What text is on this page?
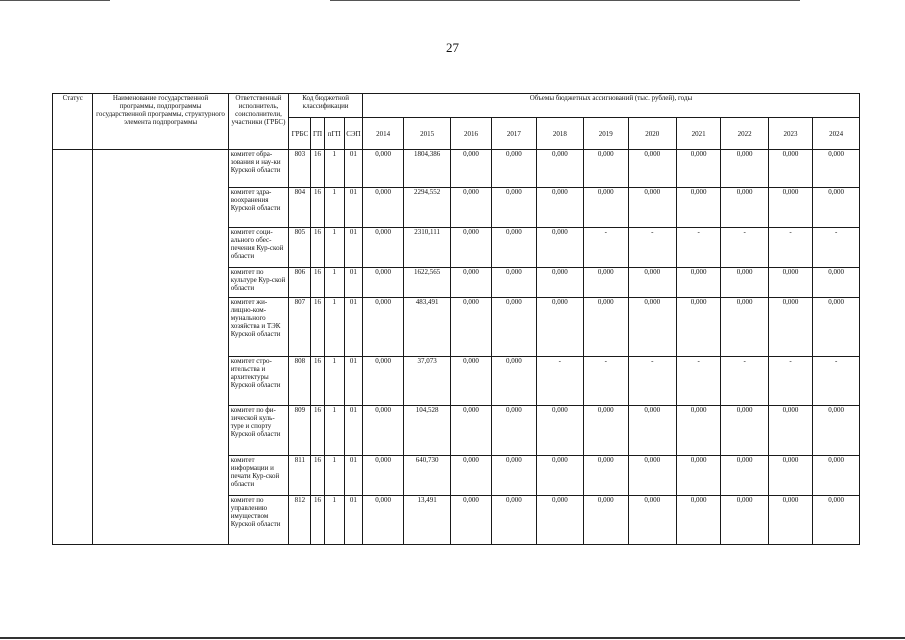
27
Статус	Наименование государственной программы, подпрограммы государственной программы, структурного элемента подпрограммы	Ответственный исполнитель, соисполнители, участники (ГРБС)	Код бюджетной классификации				Объемы бюджетных ассигнований (тыс. рублей), годы										
			ГРБС	ГП	пГП	СЭП	2014	2015	2016	2017	2018	2019	2020	2021	2022	2023	2024
		комитет обра-зования и нау-ки Курской области	803	16	1	01	0,000	1804,386	0,000	0,000	0,000	0,000	0,000	0,000	0,000	0,000	0,000
		комитет здра-воохранения Курской области	804	16	1	01	0,000	2294,552	0,000	0,000	0,000	0,000	0,000	0,000	0,000	0,000	0,000
		комитет соци-ального обес-печения Кур-ской области	805	16	1	01	0,000	2310,111	0,000	0,000	0,000	-	-	-	-	-	-
		комитет по культуре Кур-ской области	806	16	1	01	0,000	1622,565	0,000	0,000	0,000	0,000	0,000	0,000	0,000	0,000	0,000
		комитет жи-лищно-ком-мунального хозяйства и ТЭК Курской области	807	16	1	01	0,000	483,491	0,000	0,000	0,000	0,000	0,000	0,000	0,000	0,000	0,000
		комитет стро-ительства и архитектуры Курской области	808	16	1	01	0,000	37,073	0,000	0,000	-	-	-	-	-	-	-
		комитет по фи-зической куль-туре и спорту Курской области	809	16	1	01	0,000	104,528	0,000	0,000	0,000	0,000	0,000	0,000	0,000	0,000	0,000
		комитет информации и печати Кур-ской области	811	16	1	01	0,000	640,730	0,000	0,000	0,000	0,000	0,000	0,000	0,000	0,000	0,000
		комитет по управлению имуществом Курской области	812	16	1	01	0,000	13,491	0,000	0,000	0,000	0,000	0,000	0,000	0,000	0,000	0,000
